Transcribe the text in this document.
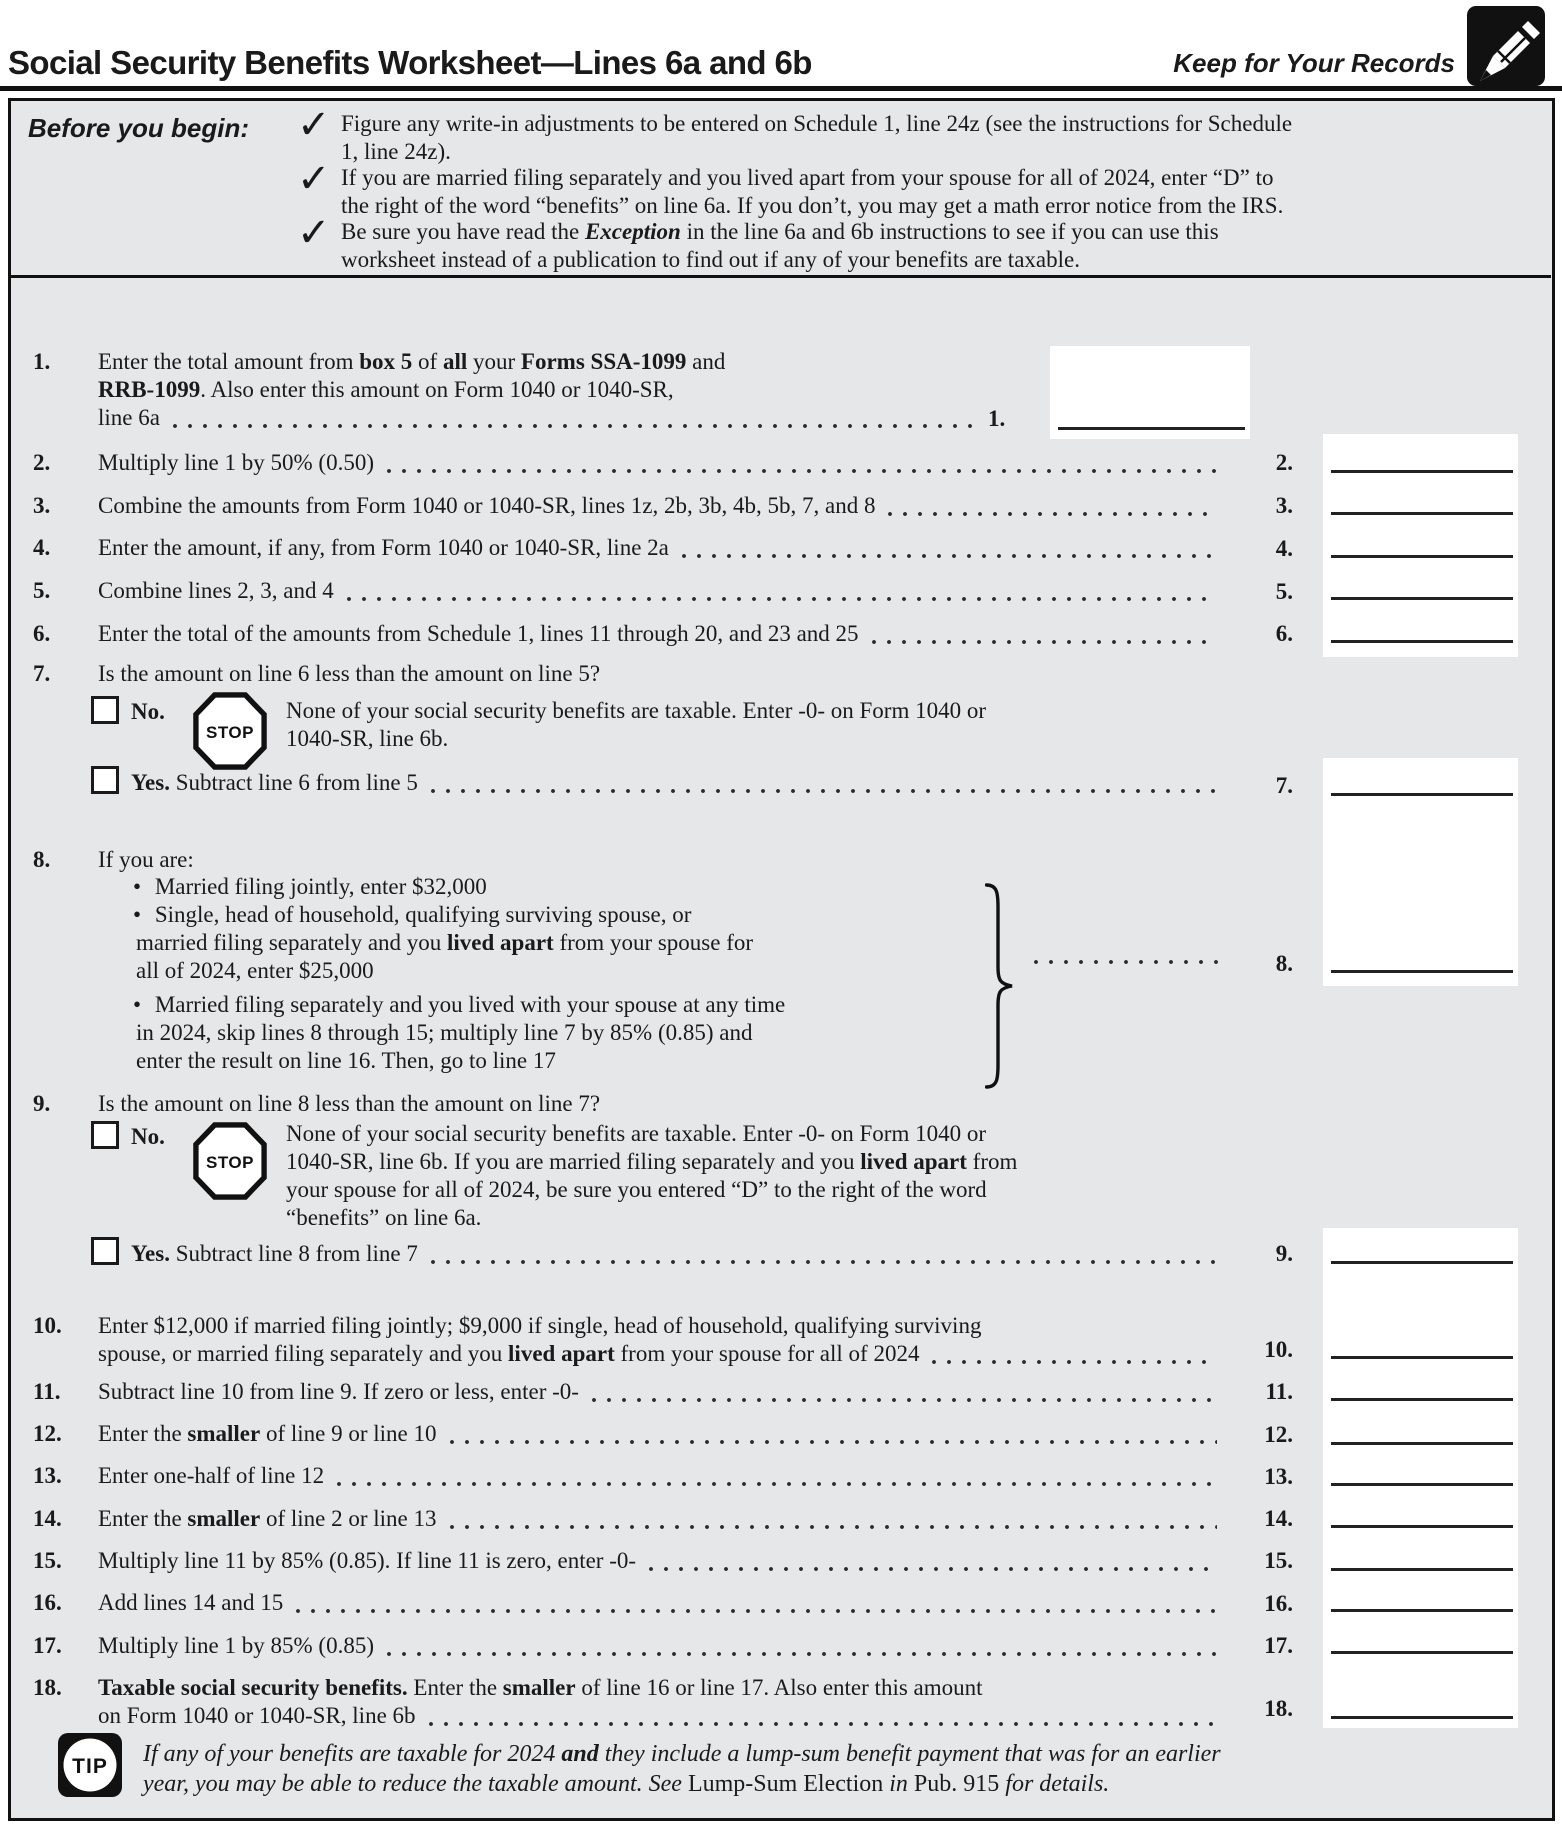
Social Security Benefits Worksheet—Lines 6a and 6b	Keep for Your Records
Before you begin: ✓
✓
✓
Figure any write-in adjustments to be entered on Schedule 1, line 24z (see the instructions for Schedule
1, line 24z).
If you are married filing separately and you lived apart from your spouse for all of 2024, enter “D” to
the right of the word “benefits” on line 6a. If you don’t, you may get a math error notice from the IRS.
Be sure you have read the Exception in the line 6a and 6b instructions to see if you can use this
worksheet instead of a publication to find out if any of your benefits are taxable.
1.
2.
3.
4.
5.
6.
7.
8.
9.
10.
11.
12.
13.
14.
15.
16.
17.
18.
1.	Enter the total amount from box 5 of all your Forms SSA-1099 and
RRB-1099. Also enter this amount on Form 1040 or 1040-SR,
line 6a
2.	Multiply line 1 by 50% (0.50)
3.	Combine the amounts from Form 1040 or 1040-SR, lines 1z, 2b, 3b, 4b, 5b, 7, and 8
4.	Enter the amount, if any, from Form 1040 or 1040-SR, line 2a
5.	Combine lines 2, 3, and 4
6.	Enter the total of the amounts from Schedule 1, lines 11 through 20, and 23 and 25
7.	Is the amount on line 6 less than the amount on line 5?
No.
STOP
None of your social security benefits are taxable. Enter -0- on Form 1040 or
1040-SR, line 6b.
Yes. Subtract line 6 from line 5
8.	If you are:
• Married filing jointly, enter $32,000
• Single, head of household, qualifying surviving spouse, or
married filing separately and you lived apart from your spouse for
all of 2024, enter $25,000
• Married filing separately and you lived with your spouse at any time
in 2024, skip lines 8 through 15; multiply line 7 by 85% (0.85) and
enter the result on line 16. Then, go to line 17
9.	Is the amount on line 8 less than the amount on line 7?
No.
STOP
None of your social security benefits are taxable. Enter -0- on Form 1040 or
1040-SR, line 6b. If you are married filing separately and you lived apart from
your spouse for all of 2024, be sure you entered “D” to the right of the word
“benefits” on line 6a.
Yes. Subtract line 8 from line 7
10.	Enter $12,000 if married filing jointly; $9,000 if single, head of household, qualifying surviving
spouse, or married filing separately and you lived apart from your spouse for all of 2024
11.	Subtract line 10 from line 9. If zero or less, enter -0-
12.	Enter the smaller of line 9 or line 10
13.	Enter one-half of line 12
14.	Enter the smaller of line 2 or line 13
15.	Multiply line 11 by 85% (0.85). If line 11 is zero, enter -0-
16.	Add lines 14 and 15
17.	Multiply line 1 by 85% (0.85)
18.	Taxable social security benefits. Enter the smaller of line 16 or line 17. Also enter this amount
on Form 1040 or 1040-SR, line 6b
TIP If any of your benefits are taxable for 2024 and they include a lump-sum benefit payment that was for an earlier
year, you may be able to reduce the taxable amount. See Lump-Sum Election in Pub. 915 for details.
